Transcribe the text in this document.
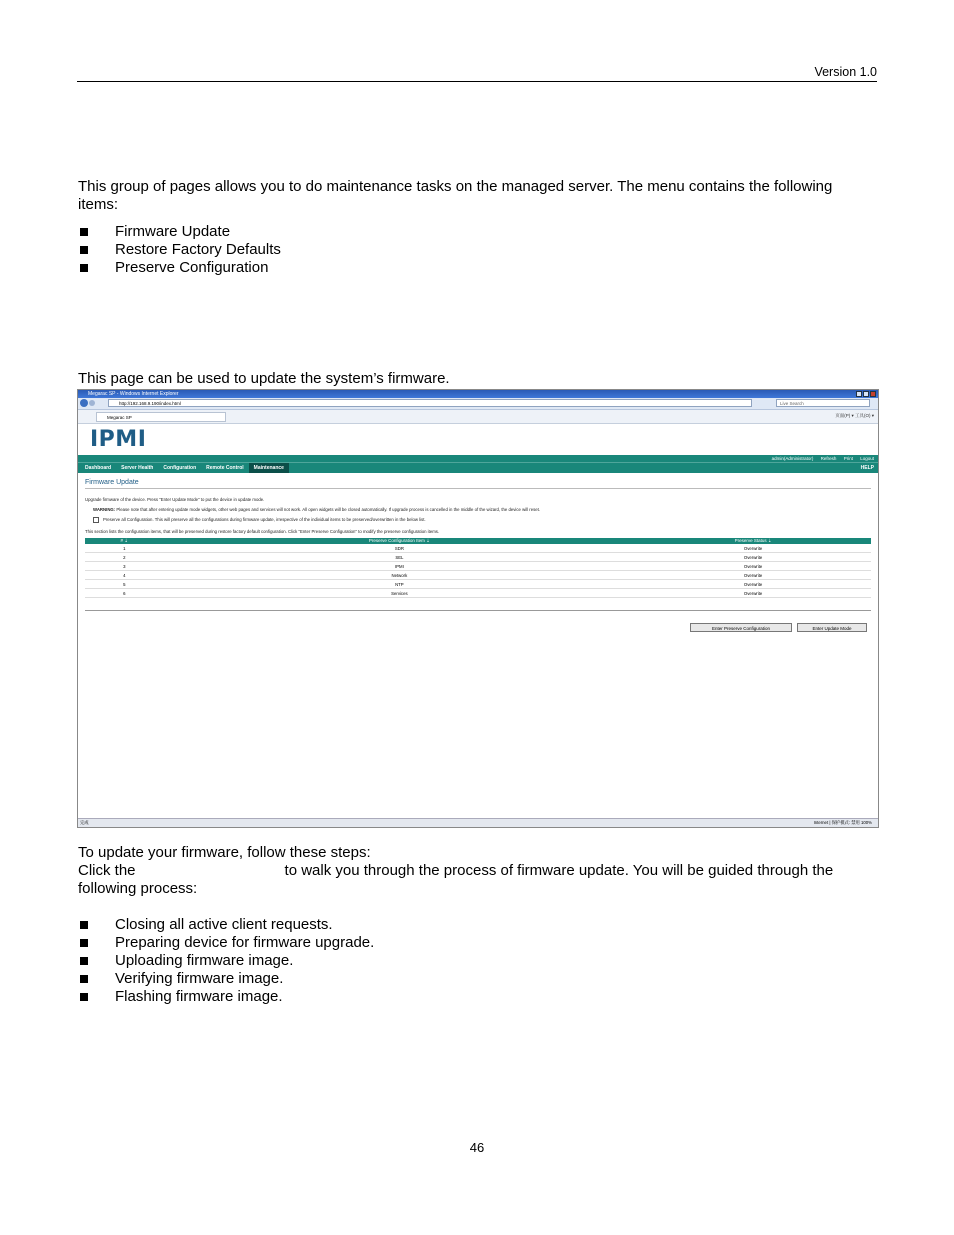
Version 1.0
This group of pages allows you to do maintenance tasks on the managed server. The menu contains the following items:
Firmware Update
Restore Factory Defaults
Preserve Configuration
This page can be used to update the system’s firmware.
Megarac SP - Windows Internet Explorer
http://192.168.9.190/index.html	Live Search
Megarac SP	页面(P) ▾ 工具(O) ▾
IPMI
admin(Administrator) Refresh Print Logout
Dashboard	Server Health	Configuration	Remote Control	Maintenance	HELP
Firmware Update
Upgrade firmware of the device. Press "Enter Update Mode" to put the device in update mode.
WARNING: Please note that after entering update mode widgets, other web pages and services will not work. All open widgets will be closed automatically. If upgrade process is cancelled in the middle of the wizard, the device will reset.
Preserve all Configuration. This will preserve all the configurations during firmware update, irrespective of the individual items to be preserved/overwritten in the below list.
This section lists the configuration items, that will be preserved during restore factory default configuration. Click "Enter Preserve Configuration" to modify the preserve configuration items.
# ⇣	Preserve Configuration Item ⇣	Preserve Status ⇣
1	SDR	Overwrite
2	SEL	Overwrite
3	IPMI	Overwrite
4	Network	Overwrite
5	NTP	Overwrite
6	Services	Overwrite
Enter Preserve Configuration	Enter Update Mode
完成	Internet | 保护模式: 禁用 100%
To update your firmware, follow these steps:
Click the	to walk you through the process of firmware update. You will be guided through the
following process:
Closing all active client requests.
Preparing device for firmware upgrade.
Uploading firmware image.
Verifying firmware image.
Flashing firmware image.
46
